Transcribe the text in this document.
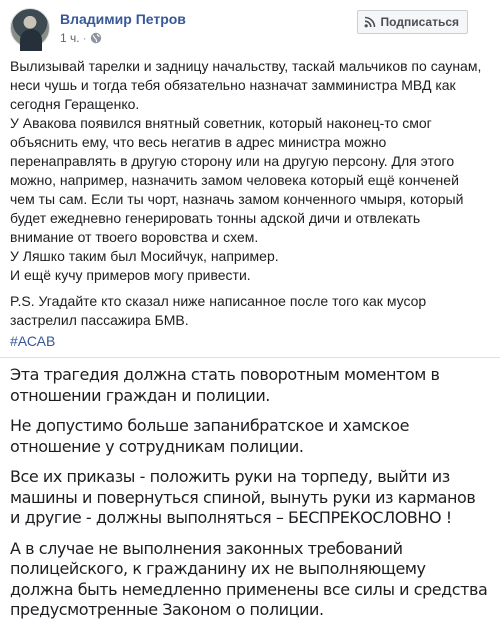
Владимир Петров
1 ч. ·
Подписаться

Вылизывай тарелки и задницу начальству, таскай мальчиков по саунам,

неси чушь и тогда тебя обязательно назначат замминистра МВД как

сегодня Геращенко.

У Авакова появился внятный советник, который наконец-то смог

объяснить ему, что весь негатив в адрес министра можно

перенаправлять в другую сторону или на другую персону. Для этого

можно, например, назначить замом человека который ещё конченей

чем ты сам. Если ты чорт, назначь замом конченного чмыря, который

будет ежедневно генерировать тонны адской дичи и отвлекать

внимание от твоего воровства и схем.

У Ляшко таким был Мосийчук, например.

И ещё кучу примеров могу привести.

P.S. Угадайте кто сказал ниже написанное после того как мусор

застрелил пассажира БМВ.

#АСАВ

Эта трагедия должна стать поворотным моментом в отношении граждан и полиции.

Не допустимо больше запанибратское и хамское отношение у сотрудникам полиции.

Все их приказы - положить руки на торпеду, выйти из машины и повернуться спиной, вынуть руки из карманов и другие - должны выполняться – БЕСПРЕКОСЛОВНО !

А в случае не выполнения законных требований полицейского, к гражданину их не выполняющему должна быть немедленно применены все силы и средства предусмотренные Законом о полиции.
